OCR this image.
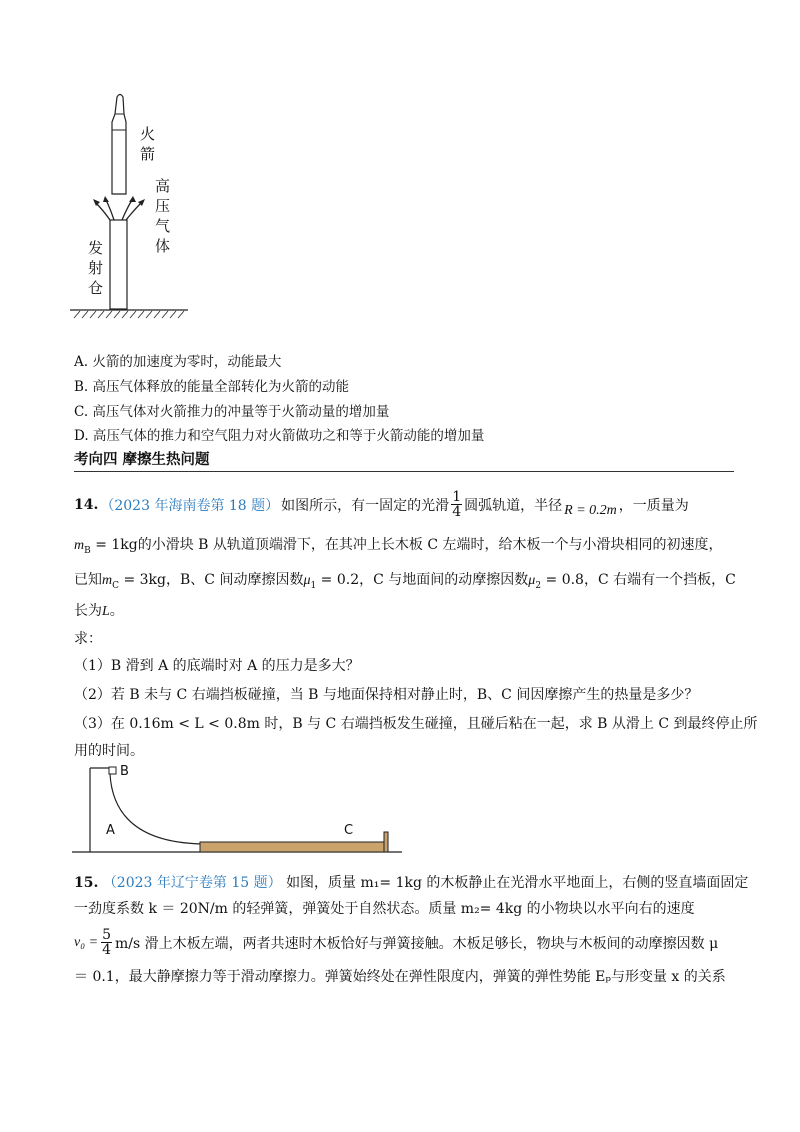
火
箭
高
压
气
体
发
射
仓
A. 火箭的加速度为零时，动能最大
B. 高压气体释放的能量全部转化为火箭的动能
C. 高压气体对火箭推力的冲量等于火箭动量的增加量
D. 高压气体的推力和空气阻力对火箭做功之和等于火箭动能的增加量
考向四 摩擦生热问题
14. （2023 年海南卷第 18 题） 如图所示，有一固定的光滑 $\frac{1}{4}$ 圆弧轨道，半径 R = 0.2m ，一质量为
$m_B = 1kg$的小滑块 B 从轨道顶端滑下，在其冲上长木板 C 左端时，给木板一个与小滑块相同的初速度，
已知$m_C = 3kg$，B、C 间动摩擦因数$\mu_1 = 0.2$，C 与地面间的动摩擦因数$\mu_2 = 0.8$，C 右端有一个挡板，C
长为L。
求：
（1）B 滑到 A 的底端时对 A 的压力是多大？
（2）若 B 未与 C 右端挡板碰撞，当 B 与地面保持相对静止时，B、C 间因摩擦产生的热量是多少？
（3）在 0.16m < L < 0.8m 时，B 与 C 右端挡板发生碰撞，且碰后粘在一起，求 B 从滑上 C 到最终停止所
用的时间。
B
A	C
15. （2023 年辽宁卷第 15 题） 如图，质量 m₁= 1kg 的木板静止在光滑水平地面上，右侧的竖直墙面固定
一劲度系数 k ＝ 20N/m 的轻弹簧，弹簧处于自然状态。质量 m₂= 4kg 的小物块以水平向右的速度
$v_0 = \frac{5}{4} m/s$ 滑上木板左端，两者共速时木板恰好与弹簧接触。木板足够长，物块与木板间的动摩擦因数 μ
＝ 0.1，最大静摩擦力等于滑动摩擦力。弹簧始终处在弹性限度内，弹簧的弹性势能 Eₚ与形变量 x 的关系
